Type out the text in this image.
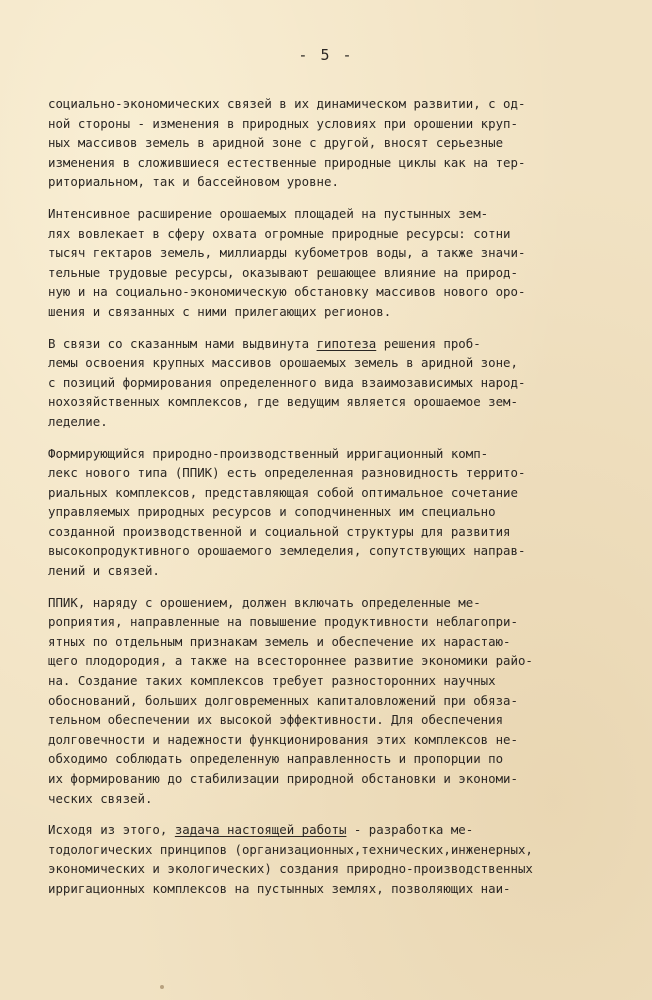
- 5 -
социально-экономических связей в их динамическом развитии, с од-
ной стороны - изменения в природных условиях при орошении круп-
ных массивов земель в аридной зоне с другой, вносят серьезные
изменения в сложившиеся естественные природные циклы как на тер-
риториальном, так и бассейновом уровне.
Интенсивное расширение орошаемых площадей на пустынных зем-
лях вовлекает в сферу охвата огромные природные ресурсы: сотни
тысяч гектаров земель, миллиарды кубометров воды, а также значи-
тельные трудовые ресурсы, оказывают решающее влияние на природ-
ную и на социально-экономическую обстановку массивов нового оро-
шения и связанных с ними прилегающих регионов.
В связи со сказанным нами выдвинута гипотеза решения проб-
лемы освоения крупных массивов орошаемых земель в аридной зоне,
с позиций формирования определенного вида взаимозависимых народ-
нохозяйственных комплексов, где ведущим является орошаемое зем-
леделие.
Формирующийся природно-производственный ирригационный комп-
лекс нового типа (ППИК) есть определенная разновидность террито-
риальных комплексов, представляющая собой оптимальное сочетание
управляемых природных ресурсов и соподчиненных им специально
созданной производственной и социальной структуры для развития
высокопродуктивного орошаемого земледелия, сопутствующих направ-
лений и связей.
ППИК, наряду с орошением, должен включать определенные ме-
роприятия, направленные на повышение продуктивности неблагопри-
ятных по отдельным признакам земель и обеспечение их нарастаю-
щего плодородия, а также на всестороннее развитие экономики райо-
на. Создание таких комплексов требует разносторонних научных
обоснований, больших долговременных капиталовложений при обяза-
тельном обеспечении их высокой эффективности. Для обеспечения
долговечности и надежности функционирования этих комплексов не-
обходимо соблюдать определенную направленность и пропорции по
их формированию до стабилизации природной обстановки и экономи-
ческих связей.
Исходя из этого, задача настоящей работы - разработка ме-
тодологических принципов (организационных,технических,инженерных,
экономических и экологических) создания природно-производственных
ирригационных комплексов на пустынных землях, позволяющих наи-
